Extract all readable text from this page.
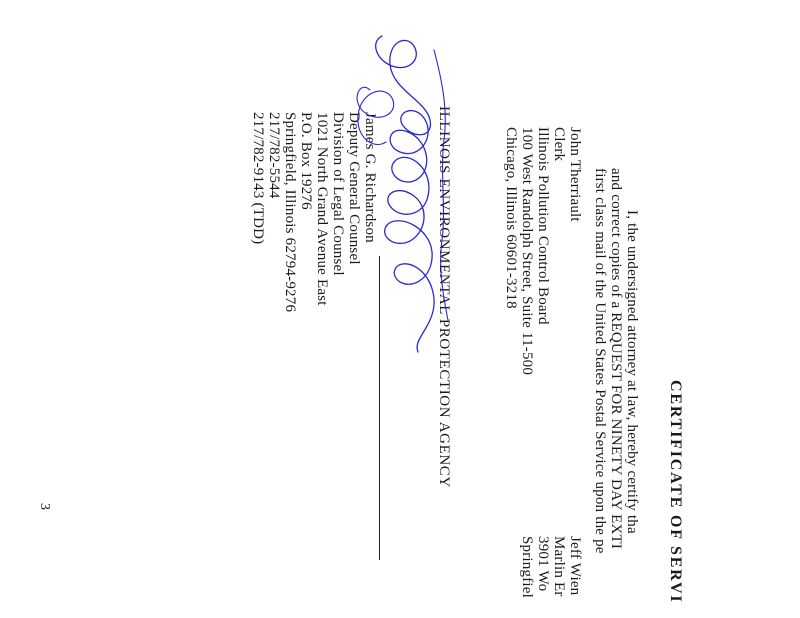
CERTIFICATE OF SERVI
I, the undersigned attorney at law, hereby certify tha
and correct copies of a REQUEST FOR NINETY DAY EXTI
first class mail of the United States Postal Service upon the pe
John Therriault
Clerk
Illinois Pollution Control Board
100 West Randolph Street, Suite 11-500
Chicago, Illinois 60601-3218
Jeff Wien
Marlin Er
3901 Wo
Springfiel
ILLINOIS ENVIRONMENTAL PROTECTION AGENCY
James G. Richardson
Deputy General Counsel
Division of Legal Counsel
1021 North Grand Avenue East
P.O. Box 19276
Springfield, Illinois 62794-9276
217/782-5544
217/782-9143 (TDD)
3
